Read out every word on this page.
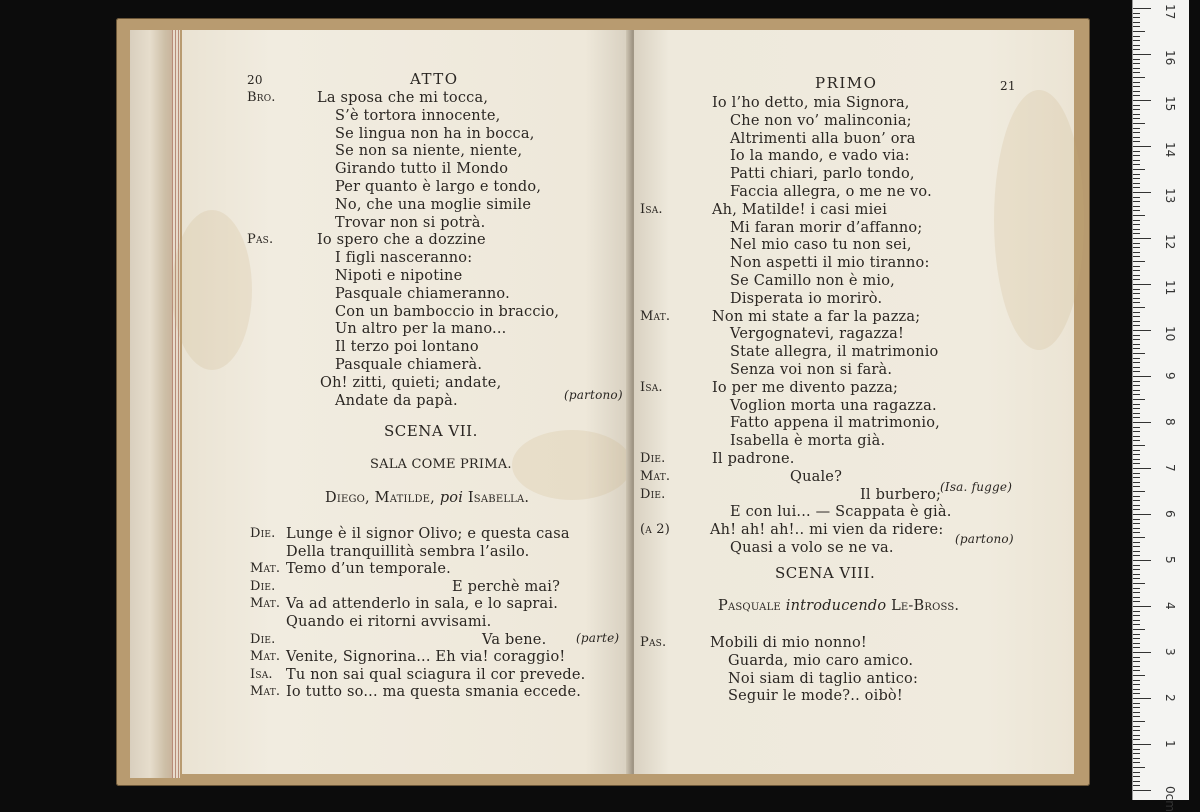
20	ATTO
Bro.	La sposa che mi tocca,
S’è tortora innocente,
Se lingua non ha in bocca,
Se non sa niente, niente,
Girando tutto il Mondo
Per quanto è largo e tondo,
No, che una moglie simile
Trovar non si potrà.
Pas.	Io spero che a dozzine
I figli nasceranno:
Nipoti e nipotine
Pasquale chiameranno.
Con un bamboccio in braccio,
Un altro per la mano...
Il terzo poi lontano
Pasquale chiamerà.
Oh! zitti, quieti; andate,
Andate da papà.	(partono)
SCENA VII.
SALA COME PRIMA.
Diego, Matilde, poi Isabella.
Die. Lunge è il signor Olivo; e questa casa
Della tranquillità sembra l’asilo.
Mat. Temo d’un temporale.
Die.	E perchè mai?
Mat. Va ad attenderlo in sala, e lo saprai.
Quando ei ritorni avvisami.
Die.	Va bene.
Mat. Venite, Signorina... Eh via! coraggio!
Isa. Tu non sai qual sciagura il cor prevede.
Mat. Io tutto so... ma questa smania eccede.
(parte)
PRIMO	21
Io l’ho detto, mia Signora,
Che non vo’ malinconia;
Altrimenti alla buon’ ora
Io la mando, e vado via:
Patti chiari, parlo tondo,
Faccia allegra, o me ne vo.
Isa.	Ah, Matilde! i casi miei
Mi faran morir d’affanno;
Nel mio caso tu non sei,
Non aspetti il mio tiranno:
Se Camillo non è mio,
Disperata io morirò.
Mat.	Non mi state a far la pazza;
Vergognatevi, ragazza!
State allegra, il matrimonio
Senza voi non si farà.
Isa.	Io per me divento pazza;
Voglion morta una ragazza.
Fatto appena il matrimonio,
Isabella è morta già.
Die.	Il padrone.
Mat.	Quale?
Die.	Il burbero;
E con lui... — Scappata è già.
(a 2)	Ah! ah! ah!.. mi vien da ridere:
Quasi a volo se ne va.
(Isa. fugge)
(partono)
SCENA VIII.
Pasquale introducendo Le-Bross.
Pas.	Mobili di mio nonno!
Guarda, mio caro amico.
Noi siam di taglio antico:
Seguir le mode?.. oibò!
0cm
1
2
3
4
5
6
7
8
9
10
11
12
13
14
15
16
17
